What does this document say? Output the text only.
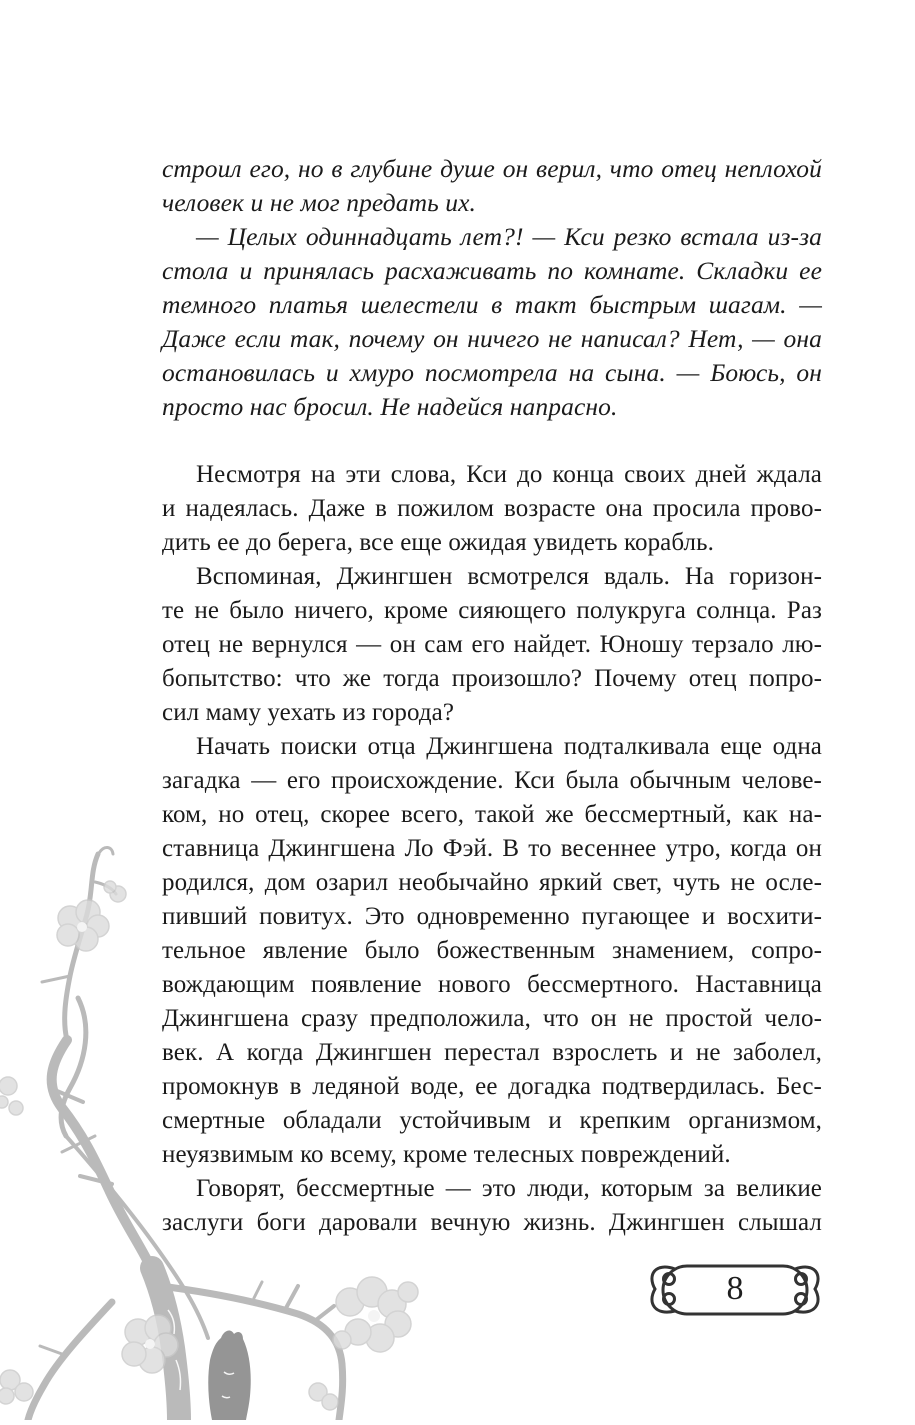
строил его, но в глубине душе он верил, что отец неплохой
человек и не мог предать их.
— Целых одиннадцать лет?! — Кси резко встала из-за
стола и принялась расхаживать по комнате. Складки ее
темного платья шелестели в такт быстрым шагам. —
Даже если так, почему он ничего не написал? Нет, — она
остановилась и хмуро посмотрела на сына. — Боюсь, он
просто нас бросил. Не надейся напрасно.
Несмотря на эти слова, Кси до конца своих дней ждала
и надеялась. Даже в пожилом возрасте она просила прово-
дить ее до берега, все еще ожидая увидеть корабль.
Вспоминая, Джингшен всмотрелся вдаль. На горизон-
те не было ничего, кроме сияющего полукруга солнца. Раз
отец не вернулся — он сам его найдет. Юношу терзало лю-
бопытство: что же тогда произошло? Почему отец попро-
сил маму уехать из города?
Начать поиски отца Джингшена подталкивала еще одна
загадка — его происхождение. Кси была обычным челове-
ком, но отец, скорее всего, такой же бессмертный, как на-
ставница Джингшена Ло Фэй. В то весеннее утро, когда он
родился, дом озарил необычайно яркий свет, чуть не осле-
пивший повитух. Это одновременно пугающее и восхити-
тельное явление было божественным знамением, сопро-
вождающим появление нового бессмертного. Наставница
Джингшена сразу предположила, что он не простой чело-
век. А когда Джингшен перестал взрослеть и не заболел,
промокнув в ледяной воде, ее догадка подтвердилась. Бес-
смертные обладали устойчивым и крепким организмом,
неуязвимым ко всему, кроме телесных повреждений.
Говорят, бессмертные — это люди, которым за великие
заслуги боги даровали вечную жизнь. Джингшен слышал
8
